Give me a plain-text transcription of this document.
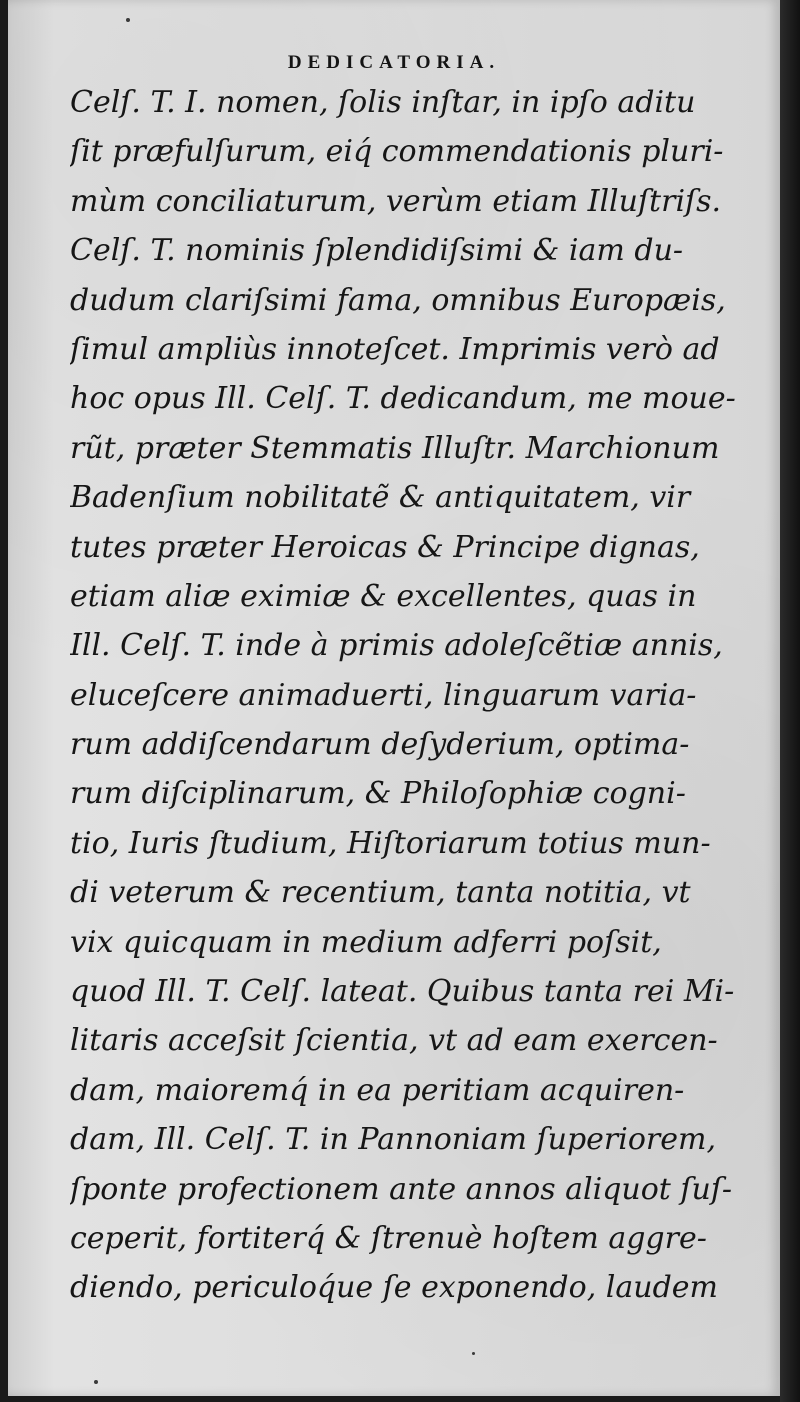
DEDICATORIA.
Celſ. T. I. nomen, ſolis inſtar, in ipſo aditu
ſit præfulſurum, eiq́ commendationis pluri-
mùm conciliaturum, verùm etiam Illuſtriſs.
Celſ. T. nominis ſplendidiſsimi & iam du-
dudum clariſsimi fama, omnibus Europæis,
ſimul ampliùs innoteſcet. Imprimis verò ad
hoc opus Ill. Celſ. T. dedicandum, me moue-
rũt, præter Stemmatis Illuſtr. Marchionum
Badenſium nobilitatẽ & antiquitatem, vir
tutes præter Heroicas & Principe dignas,
etiam aliæ eximiæ & excellentes, quas in
Ill. Celſ. T. inde à primis adoleſcẽtiæ annis,
eluceſcere animaduerti, linguarum varia-
rum addiſcendarum deſyderium, optima-
rum diſciplinarum, & Philoſophiæ cogni-
tio, Iuris ſtudium, Hiſtoriarum totius mun-
di veterum & recentium, tanta notitia, vt
vix quicquam in medium adferri poſsit,
quod Ill. T. Celſ. lateat. Quibus tanta rei Mi-
litaris acceſsit ſcientia, vt ad eam exercen-
dam, maioremq́ in ea peritiam acquiren-
dam, Ill. Celſ. T. in Pannoniam ſuperiorem,
ſponte profectionem ante annos aliquot ſuſ-
ceperit, fortiterq́ & ſtrenuè hoſtem aggre-
diendo, periculoq́ue ſe exponendo, laudem
